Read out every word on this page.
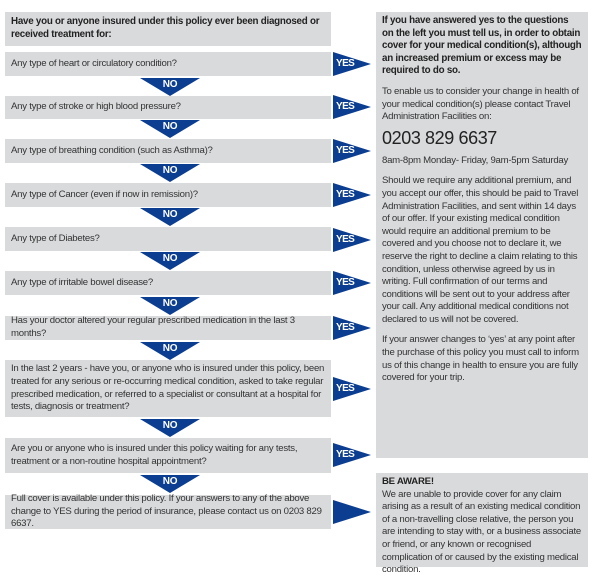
Have you or anyone insured under this policy ever been diagnosed or received treatment for:
Any type of heart or circulatory condition?	YES
NO
Any type of stroke or high blood pressure?	YES
NO
Any type of breathing condition (such as Asthma)?	YES
NO
Any type of Cancer (even if now in remission)?	YES
NO
Any type of Diabetes?	YES
NO
Any type of irritable bowel disease?	YES
NO
Has your doctor altered your regular prescribed medication in the last 3 months?
YES
NO
In the last 2 years - have you, or anyone who is insured under this policy, been treated for any serious or re-occurring medical condition, asked to take regular prescribed medication, or referred to a specialist or consultant at a hospital for tests, diagnosis or treatment?
YES
NO
Are you or anyone who is insured under this policy waiting for any tests, treatment or a non-routine hospital appointment?
YES
NO
Full cover is available under this policy. If your answers to any of the above change to YES during the period of insurance, please contact us on 0203 829 6637.

If you have answered yes to the questions on the left you must tell us, in order to obtain cover for your medical condition(s), although an increased premium or excess may be required to do so.

To enable us to consider your change in health of your medical condition(s) please contact Travel Administration Facilities on:

0203 829 6637

8am-8pm Monday- Friday, 9am-5pm Saturday

Should we require any additional premium, and you accept our offer, this should be paid to Travel Administration Facilities, and sent within 14 days of our offer. If your existing medical condition would require an additional premium to be covered and you choose not to declare it, we reserve the right to decline a claim relating to this condition, unless otherwise agreed by us in writing. Full confirmation of our terms and conditions will be sent out to your address after your call. Any additional medical conditions not declared to us will not be covered.

If your answer changes to ‘yes’ at any point after the purchase of this policy you must call to inform us of this change in health to ensure you are fully covered for your trip.

BE AWARE!
We are unable to provide cover for any claim arising as a result of an existing medical condition of a non-travelling close relative, the person you are intending to stay with, or a business associate or friend, or any known or recognised complication of or caused by the existing medical condition.
